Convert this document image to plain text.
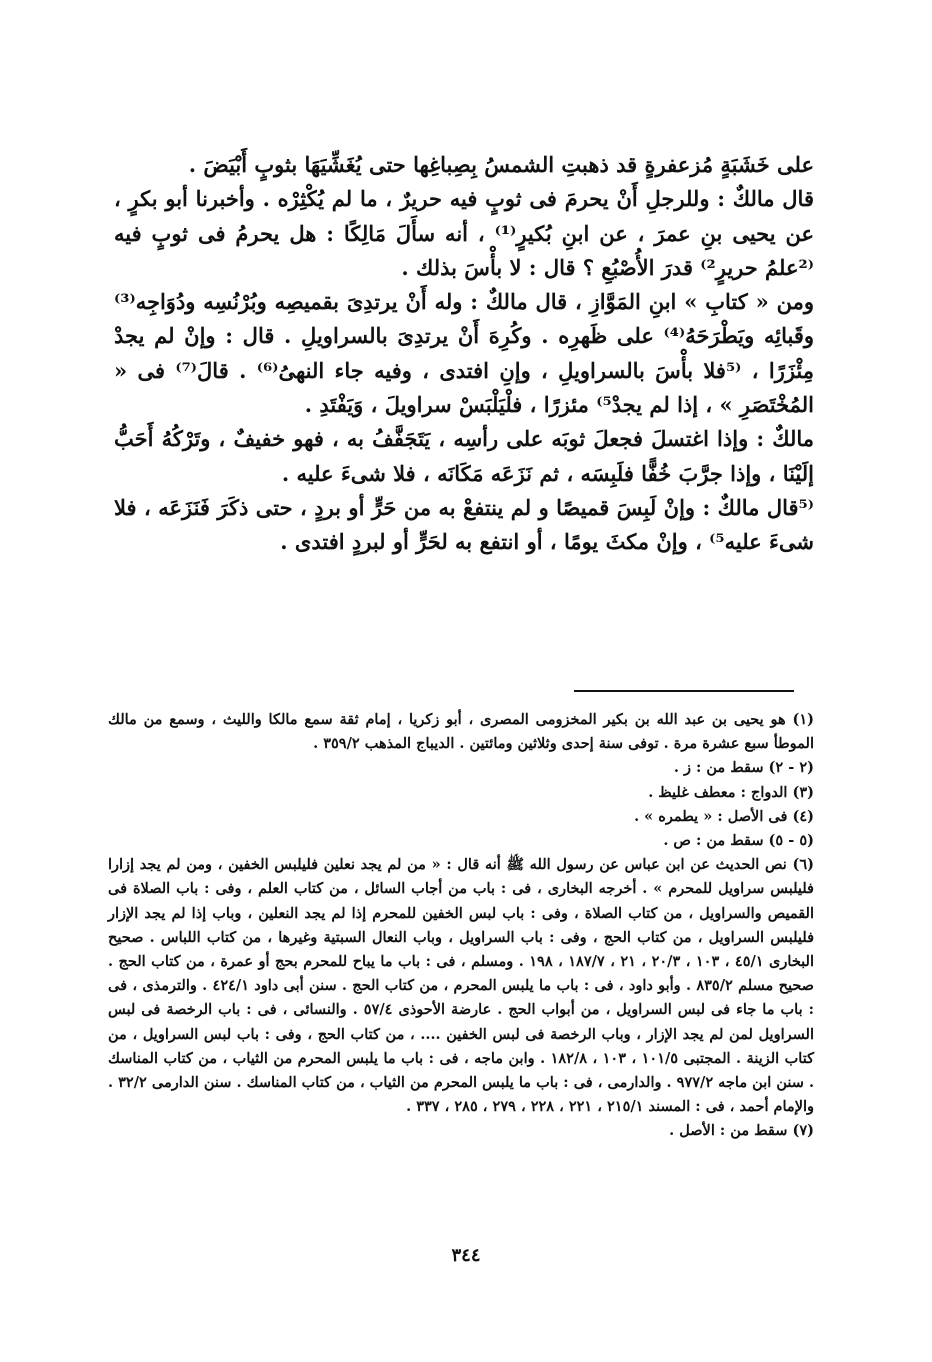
على خَشَبَةٍ مُزعفرةٍ قد ذهبتِ الشمسُ بِصِباغِها حتى يُغَشِّيَهَا بثوبٍ أَبْيَضَ .

قال مالكٌ : وللرجلِ أَنْ يحرمَ فى ثوبٍ فيه حريرٌ ، ما لم يُكْثِرْه . وأخبرنا أبو بكرٍ ، عن يحيى بنِ عمرَ ، عن ابنِ بُكيرٍ⁽¹⁾ ، أنه سأَلَ مَالِكًا : هل يحرمُ فى ثوبٍ فيه ⁽²علمُ حريرٍ²⁾ قدرَ الأُصْبُعِ ؟ قال : لا بأْسَ بذلك .

ومن « كتابِ » ابنِ المَوَّازِ ، قال مالكٌ : وله أَنْ يرتدِىَ بقميصِه وبُرْنُسِه ودُوَاجِه⁽³⁾ وقَبائِه ويَطْرَحَهُ⁽⁴⁾ على ظَهرِه . وكُرِهَ أَنْ يرتدِىَ بالسراويلِ . قال : وإنْ لم يجدْ مِئْزَرًا ، ⁽⁵فلا بأْسَ بالسراويلِ ، وإنِ افتدى ، وفيه جاء النهىُ⁽⁶⁾ . قالَ⁽⁷⁾ فى « المُخْتَصَرِ » ، إذا لم يجدْ⁵⁾ مئزرًا ، فلْيَلْبَسْ سراويلَ ، وَيَفْتَدِ .

مالكٌ : وإذا اغتسلَ فجعلَ ثوبَه على رأسِه ، يَتَجَفَّفُ به ، فهو خفيفٌ ، وتَرْكُهُ أَحَبُّ إلَيْنَا ، وإذا جرَّبَ خُفًّا فلَبِسَه ، ثم نَزَعَه مَكَانَه ، فلا شىءَ عليه .

⁽⁵قال مالكٌ : وإنْ لَبِسَ قميصًا و لم ينتفعْ به من حَرٍّ أو بردٍ ، حتى ذكَرَ فَنَزَعَه ، فلا شىءَ عليه⁵⁾ ، وإنْ مكثَ يومًا ، أو انتفع به لحَرٍّ أو لبردٍ افتدى .

(١) هو يحيى بن عبد الله بن بكير المخزومى المصرى ، أبو زكريا ، إمام ثقة سمع مالكا والليث ، وسمع من مالك الموطأ سبع عشرة مرة . توفى سنة إحدى وثلاثين ومائتين . الديباج المذهب ٣٥٩/٢ .

(٢ - ٢) سقط من : ز .

(٣) الدواج : معطف غليظ .

(٤) فى الأصل : « يطمره » .

(٥ - ٥) سقط من : ص .

(٦) نص الحديث عن ابن عباس عن رسول الله ﷺ أنه قال : « من لم يجد نعلين فليلبس الخفين ، ومن لم يجد إزارا فليلبس سراويل للمحرم » . أخرجه البخارى ، فى : باب من أجاب السائل ، من كتاب العلم ، وفى : باب الصلاة فى القميص والسراويل ، من كتاب الصلاة ، وفى : باب لبس الخفين للمحرم إذا لم يجد النعلين ، وباب إذا لم يجد الإزار فليلبس السراويل ، من كتاب الحج ، وفى : باب السراويل ، وباب النعال السبتية وغيرها ، من كتاب اللباس . صحيح البخارى ٤٥/١ ، ١٠٣ ، ٢٠/٣ ، ٢١ ، ١٨٧/٧ ، ١٩٨ . ومسلم ، فى : باب ما يباح للمحرم بحج أو عمرة ، من كتاب الحج . صحيح مسلم ٨٣٥/٢ . وأبو داود ، فى : باب ما يلبس المحرم ، من كتاب الحج . سنن أبى داود ٤٢٤/١ . والترمذى ، فى : باب ما جاء فى لبس السراويل ، من أبواب الحج . عارضة الأحوذى ٥٧/٤ . والنسائى ، فى : باب الرخصة فى لبس السراويل لمن لم يجد الإزار ، وباب الرخصة فى لبس الخفين .... ، من كتاب الحج ، وفى : باب لبس السراويل ، من كتاب الزينة . المجتبى ١٠١/٥ ، ١٠٣ ، ١٨٢/٨ . وابن ماجه ، فى : باب ما يلبس المحرم من الثياب ، من كتاب المناسك . سنن ابن ماجه ٩٧٧/٢ . والدارمى ، فى : باب ما يلبس المحرم من الثياب ، من كتاب المناسك . سنن الدارمى ٣٢/٢ . والإمام أحمد ، فى : المسند ٢١٥/١ ، ٢٢١ ، ٢٢٨ ، ٢٧٩ ، ٢٨٥ ، ٣٣٧ .

(٧) سقط من : الأصل .

٣٤٤
